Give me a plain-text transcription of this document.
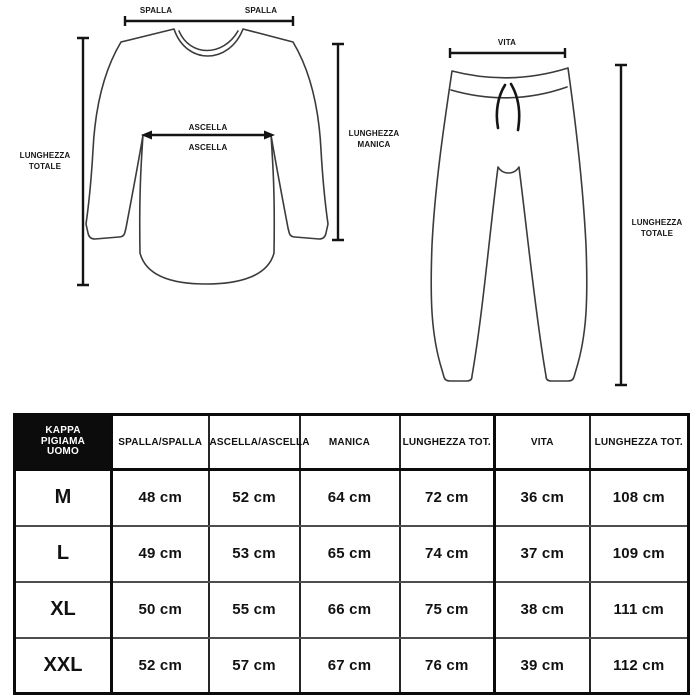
SPALLA	SPALLA
LUNGHEZZA
TOTALE
ASCELLA
ASCELLA
LUNGHEZZA
MANICA
VITA
LUNGHEZZA
TOTALE
KAPPA
PIGIAMA
UOMO	SPALLA/SPALLA	ASCELLA/ASCELLA	MANICA	LUNGHEZZA TOT.	VITA	LUNGHEZZA TOT.
M	48 cm	52 cm	64 cm	72 cm	36 cm	108 cm
L	49 cm	53 cm	65 cm	74 cm	37 cm	109 cm
XL	50 cm	55 cm	66 cm	75 cm	38 cm	111 cm
XXL	52 cm	57 cm	67 cm	76 cm	39 cm	112 cm
